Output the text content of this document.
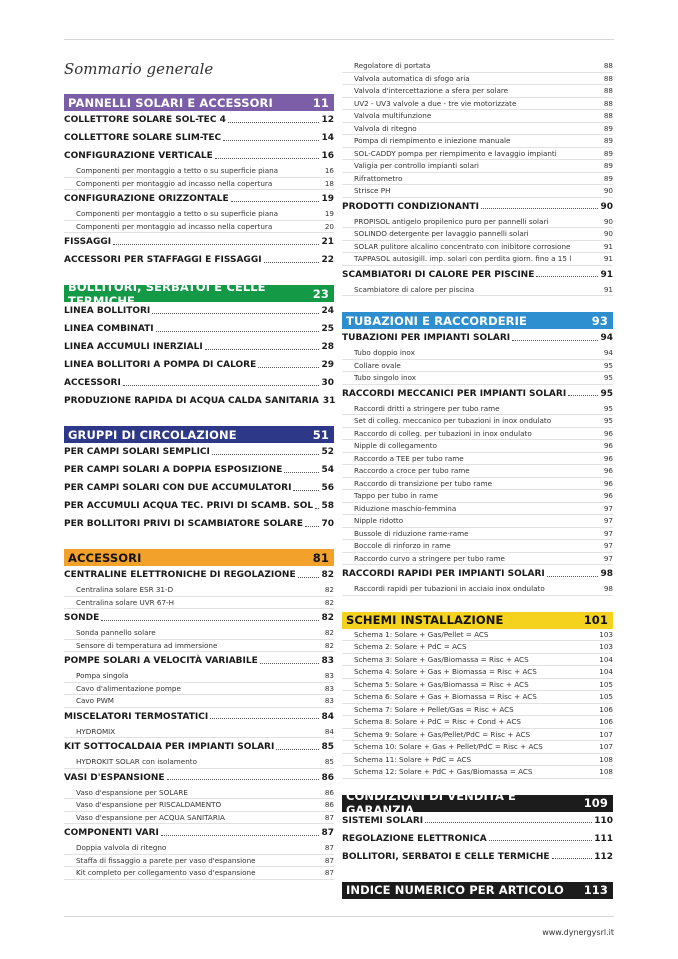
Sommario generale
PANNELLI SOLARI E ACCESSORI	11
COLLETTORE SOLARE SOL-TEC 4	12
COLLETTORE SOLARE SLIM-TEC	14
CONFIGURAZIONE VERTICALE	16
Componenti per montaggio a tetto o su superficie piana	16
Componenti per montaggio ad incasso nella copertura	18
CONFIGURAZIONE ORIZZONTALE	19
Componenti per montaggio a tetto o su superficie piana	19
Componenti per montaggio ad incasso nella copertura	20
FISSAGGI	21
ACCESSORI PER STAFFAGGI E FISSAGGI	22
BOLLITORI, SERBATOI E CELLE TERMICHE	23
LINEA BOLLITORI	24
LINEA COMBINATI	25
LINEA ACCUMULI INERZIALI	28
LINEA BOLLITORI A POMPA DI CALORE	29
ACCESSORI	30
PRODUZIONE RAPIDA DI ACQUA CALDA SANITARIA 31
GRUPPI DI CIRCOLAZIONE	51
PER CAMPI SOLARI SEMPLICI	52
PER CAMPI SOLARI A DOPPIA ESPOSIZIONE	54
PER CAMPI SOLARI CON DUE ACCUMULATORI	56
PER ACCUMULI ACQUA TEC. PRIVI DI SCAMB. SOL 58
PER BOLLITORI PRIVI DI SCAMBIATORE SOLARE 70
ACCESSORI	81
CENTRALINE ELETTRONICHE DI REGOLAZIONE	82
Centralina solare ESR 31-D	82
Centralina solare UVR 67-H	82
SONDE	82
Sonda pannello solare	82
Sensore di temperatura ad immersione	82
POMPE SOLARI A VELOCITÀ VARIABILE	83
Pompa singola	83
Cavo d'alimentazione pompe	83
Cavo PWM	83
MISCELATORI TERMOSTATICI	84
HYDROMIX	84
KIT SOTTOCALDAIA PER IMPIANTI SOLARI	85
HYDROKIT SOLAR con isolamento	85
VASI D'ESPANSIONE	86
Vaso d'espansione per SOLARE	86
Vaso d'espansione per RISCALDAMENTO	86
Vaso d'espansione per ACQUA SANITARIA	87
COMPONENTI VARI	87
Doppia valvola di ritegno	87
Staffa di fissaggio a parete per vaso d'espansione	87
Kit completo per collegamento vaso d'espansione	87
Regolatore di portata	88
Valvola automatica di sfogo aria	88
Valvola d'intercettazione a sfera per solare	88
UV2 - UV3 valvole a due - tre vie motorizzate	88
Valvola multifunzione	88
Valvola di ritegno	89
Pompa di riempimento e iniezione manuale	89
SOL-CADDY pompa per riempimento e lavaggio impianti	89
Valigia per controllo impianti solari	89
Rifrattometro	89
Strisce PH	90
PRODOTTI CONDIZIONANTI	90
PROPISOL antigelo propilenico puro per pannelli solari	90
SOLINDO detergente per lavaggio pannelli solari	90
SOLAR pulitore alcalino concentrato con inibitore corrosione	91
TAPPASOL autosigill. imp. solari con perdita giorn. fino a 15 l	91
SCAMBIATORI DI CALORE PER PISCINE	91
Scambiatore di calore per piscina	91
TUBAZIONI E RACCORDERIE	93
TUBAZIONI PER IMPIANTI SOLARI	94
Tubo doppio inox	94
Collare ovale	95
Tubo singolo inox	95
RACCORDI MECCANICI PER IMPIANTI SOLARI	95
Raccordi dritti a stringere per tubo rame	95
Set di colleg. meccanico per tubazioni in inox ondulato	95
Raccordo di colleg. per tubazioni in inox ondulato	96
Nipple di collegamento	96
Raccordo a TEE per tubo rame	96
Raccordo a croce per tubo rame	96
Raccordo di transizione per tubo rame	96
Tappo per tubo in rame	96
Riduzione maschio-femmina	97
Nipple ridotto	97
Bussole di riduzione rame-rame	97
Boccole di rinforzo in rame	97
Raccordo curvo a stringere per tubo rame	97
RACCORDI RAPIDI PER IMPIANTI SOLARI	98
Raccordi rapidi per tubazioni in acciaio inox ondulato	98
SCHEMI INSTALLAZIONE	101
Schema 1: Solare + Gas/Pellet = ACS	103
Schema 2: Solare + PdC = ACS	103
Schema 3: Solare + Gas/Biomassa = Risc + ACS	104
Schema 4: Solare + Gas + Biomassa = Risc + ACS	104
Schema 5: Solare + Gas/Biomassa = Risc + ACS	105
Schema 6: Solare + Gas + Biomassa = Risc + ACS	105
Schema 7: Solare + Pellet/Gas = Risc + ACS	106
Schema 8: Solare + PdC = Risc + Cond + ACS	106
Schema 9: Solare + Gas/Pellet/PdC = Risc + ACS	107
Schema 10: Solare + Gas + Pellet/PdC = Risc + ACS	107
Schema 11: Solare + PdC = ACS	108
Schema 12: Solare + PdC + Gas/Biomassa = ACS	108
CONDIZIONI DI VENDITA E GARANZIA	109
SISTEMI SOLARI	110
REGOLAZIONE ELETTRONICA	111
BOLLITORI, SERBATOI E CELLE TERMICHE	112
INDICE NUMERICO PER ARTICOLO 113
www.dynergysrl.it
